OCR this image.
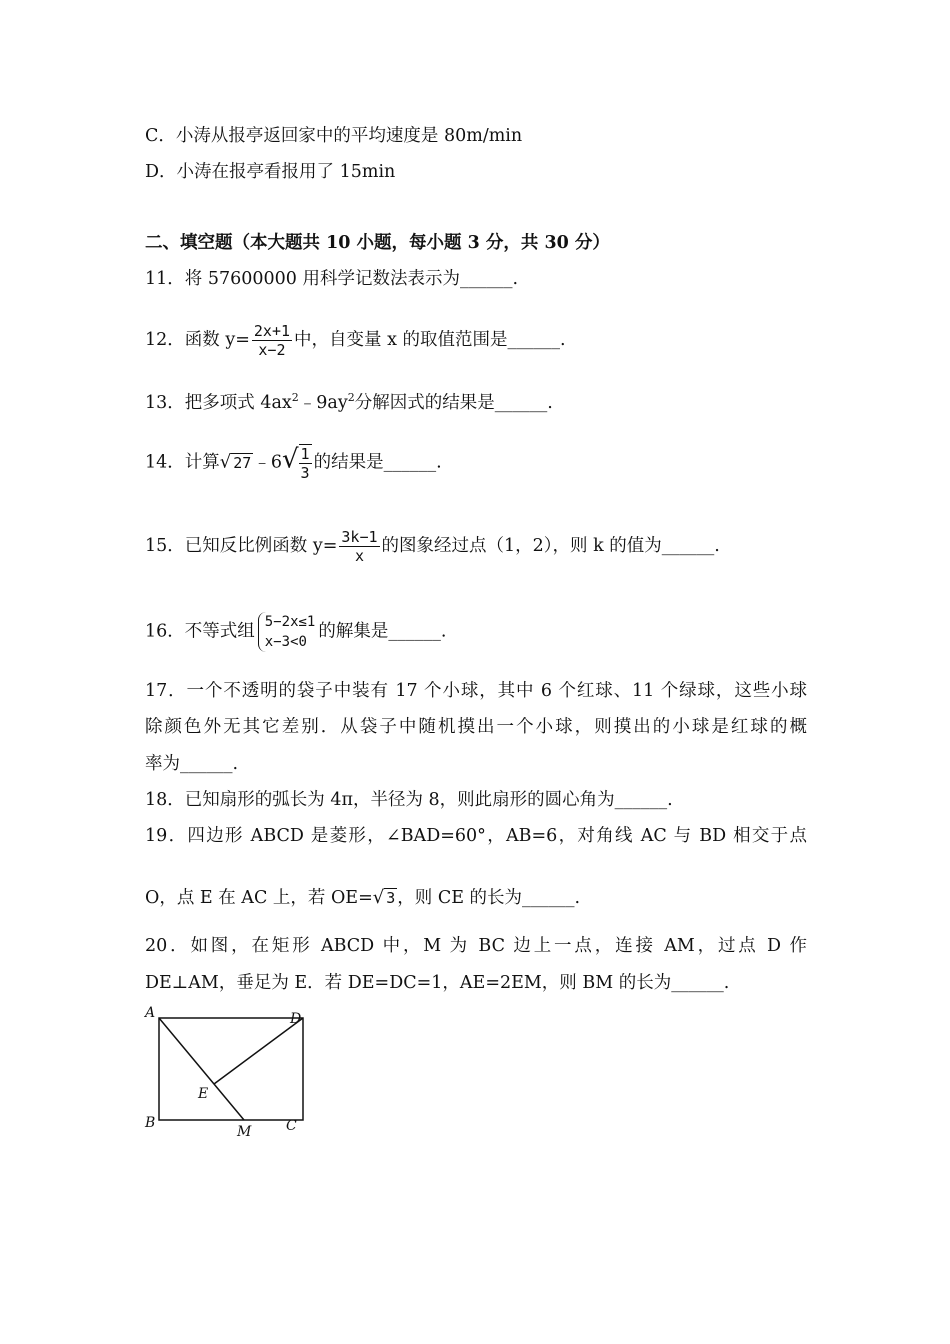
C．小涛从报亭返回家中的平均速度是 80m/min
D．小涛在报亭看报用了 15min
二、填空题（本大题共 10 小题，每小题 3 分，共 30 分）
11．将 57600000 用科学记数法表示为______.
12．函数 $y= \frac{2x+1}{x-2}$ 中，自变量 x 的取值范围是______.
13．把多项式 $4ax^2﹣9ay^2$分解因式的结果是______.
14．计算√ 27 ﹣6√ $\frac{1}{3}$ 的结果是______.
15．已知反比例函数 $y= \frac{3k-1}{x}$ 的图象经过点（1，2），则 k 的值为______.
16．不等式组 5−2x≤1
x−3<0
的解集是______.
17．一个不透明的袋子中装有 17 个小球，其中 6 个红球、11 个绿球，这些小球
除颜色外无其它差别．从袋子中随机摸出一个小球，则摸出的小球是红球的概
率为______.
18．已知扇形的弧长为 4π，半径为 8，则此扇形的圆心角为______.
19．四边形 ABCD 是菱形，∠BAD=60°，AB=6，对角线 AC 与 BD 相交于点
O，点 E 在 AC 上，若 OE=√ 3 ，则 CE 的长为______.
20．如图，在矩形 ABCD 中，M 为 BC 边上一点，连接 AM，过点 D 作
DE⊥AM，垂足为 E．若 DE=DC=1，AE=2EM，则 BM 的长为______.
A	D
E
B
M C
